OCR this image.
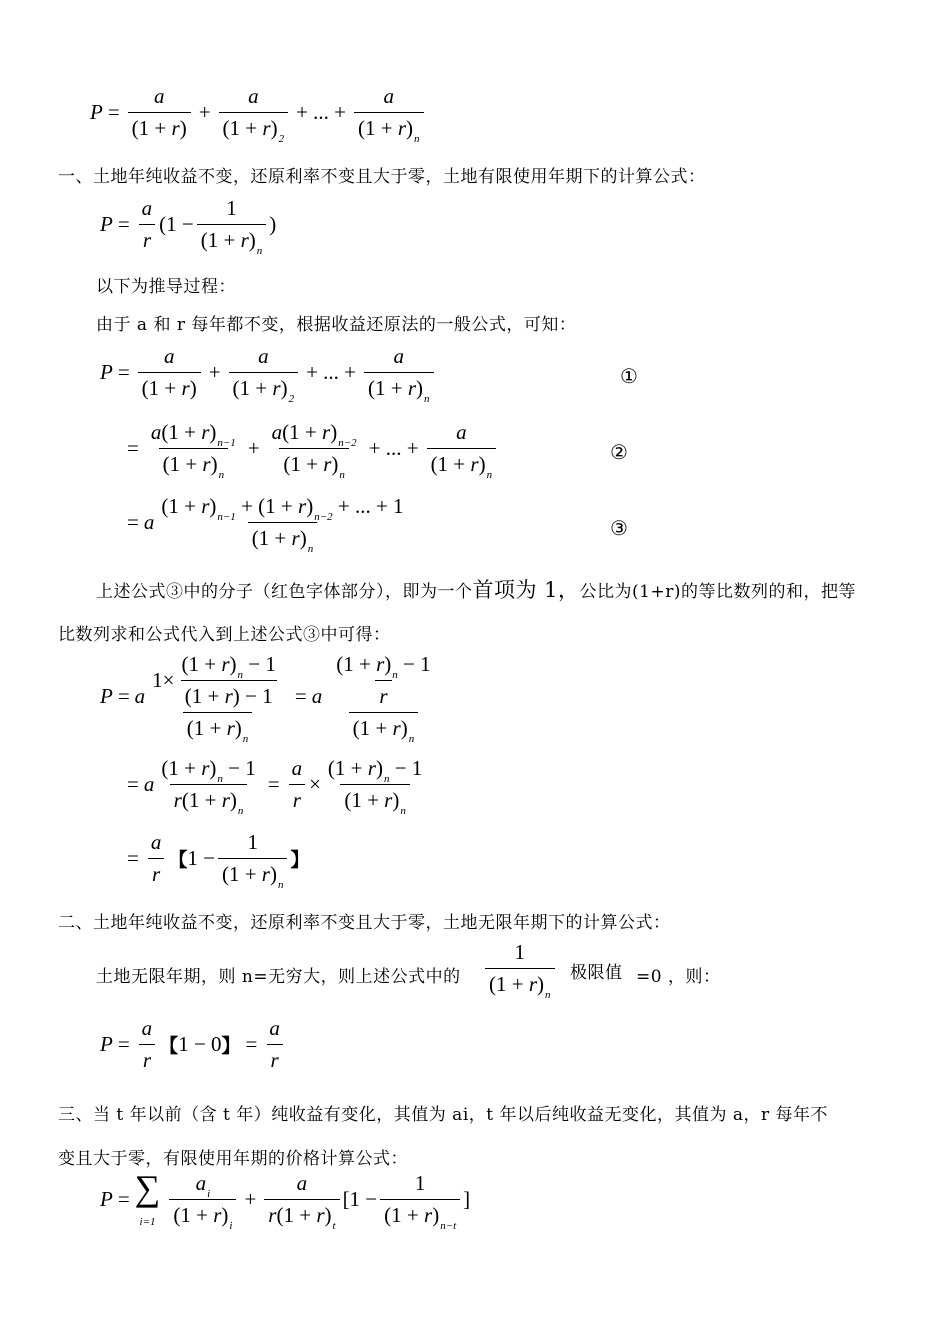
$P = \frac{a}{(1 + r)} + \frac{a}{(1 + r)_2}$ + ... + $\frac{a}{(1 + r)_n}$
一、土地年纯收益不变，还原利率不变且大于零，土地有限使用年期下的计算公式：
$P = \frac{a}{r} (1 - \frac{1}{(1 + r)_n}$ )
以下为推导过程：
由于 a 和 r 每年都不变，根据收益还原法的一般公式，可知：
$P = \frac{a}{(1 + r)} + \frac{a}{(1 + r)_2}$ + ... + $\frac{a}{(1 + r)_n}$	①
= $\frac{a(1 + r)_{n-1}}{(1 + r)_n} + \frac{a(1 + r)_{n-2}}{(1 + r)_n}$ + ... + $\frac{a}{(1 + r)_n}$	②
= a $\frac{(1 + r)_{n-1} + (1 + r)_{n-2} + ... + 1}{(1 + r)_n}$	③
上述公式③中的分子（红色字体部分），即为一个首项为 1，公比为(1+r)的等比数列的和，把等
比数列求和公式代入到上述公式③中可得：
P = a $\frac{1\times \frac{(1 + r)_n - 1}{(1 + r) - 1}}{(1 + r)_n} = a \frac{\frac{(1 + r)_n - 1}{r}}{(1 + r)_n}$
= a $\frac{(1 + r)_n - 1}{r(1 + r)_n} = \frac{a}{r} \times \frac{(1 + r)_n - 1}{(1 + r)_n}$
= $\frac{a}{r}$ 【 $1 - \frac{1}{(1 + r)_n}$ 】
二、土地年纯收益不变，还原利率不变且大于零，土地无限年期下的计算公式：
土地无限年期，则 n=无穷大，则上述公式中的 $\frac{1}{(1 + r)_n}$ 极限值 =0 ，则：
$P = \frac{a}{r}$ 【 1 − 0 】 = $\frac{a}{r}$
三、当 t 年以前（含 t 年）纯收益有变化，其值为 ai，t 年以后纯收益无变化，其值为 a，r 每年不
变且大于零，有限使用年期的价格计算公式：
P = ∑
$i=1 \frac{a_i}{(1 + r)_i} + \frac{a}{r(1 + r)_t} [1 - \frac{1}{(1 + r)_{n-t}}$ ]
